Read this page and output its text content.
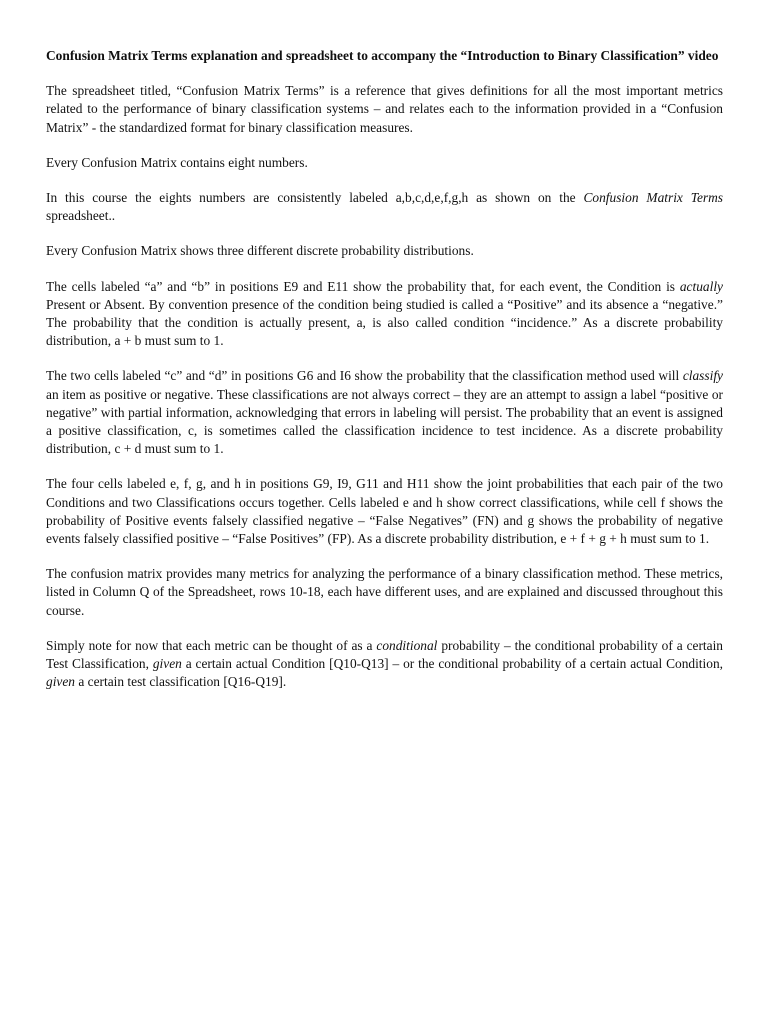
Confusion Matrix Terms explanation and spreadsheet to accompany the “Introduction to Binary Classification” video
The spreadsheet titled, “Confusion Matrix Terms” is a reference that gives definitions for all the most important metrics related to the performance of binary classification systems – and relates each to the information provided in a “Confusion Matrix” - the standardized format for binary classification measures.
Every Confusion Matrix contains eight numbers.
In this course the eights numbers are consistently labeled a,b,c,d,e,f,g,h as shown on the Confusion Matrix Terms spreadsheet..
Every Confusion Matrix shows three different discrete probability distributions.
The cells labeled “a” and “b” in positions E9 and E11 show the probability that, for each event, the Condition is actually Present or Absent. By convention presence of the condition being studied is called a “Positive” and its absence a “negative.” The probability that the condition is actually present, a, is also called condition “incidence.” As a discrete probability distribution, a + b must sum to 1.
The two cells labeled “c” and “d” in positions G6 and I6 show the probability that the classification method used will classify an item as positive or negative. These classifications are not always correct – they are an attempt to assign a label “positive or negative” with partial information, acknowledging that errors in labeling will persist. The probability that an event is assigned a positive classification, c, is sometimes called the classification incidence to test incidence. As a discrete probability distribution, c + d must sum to 1.
The four cells labeled e, f, g, and h in positions G9, I9, G11 and H11 show the joint probabilities that each pair of the two Conditions and two Classifications occurs together. Cells labeled e and h show correct classifications, while cell f shows the probability of Positive events falsely classified negative – “False Negatives” (FN) and g shows the probability of negative events falsely classified positive – “False Positives” (FP). As a discrete probability distribution, e + f + g + h must sum to 1.
The confusion matrix provides many metrics for analyzing the performance of a binary classification method. These metrics, listed in Column Q of the Spreadsheet, rows 10-18, each have different uses, and are explained and discussed throughout this course.
Simply note for now that each metric can be thought of as a conditional probability – the conditional probability of a certain Test Classification, given a certain actual Condition [Q10-Q13] – or the conditional probability of a certain actual Condition, given a certain test classification [Q16-Q19].
